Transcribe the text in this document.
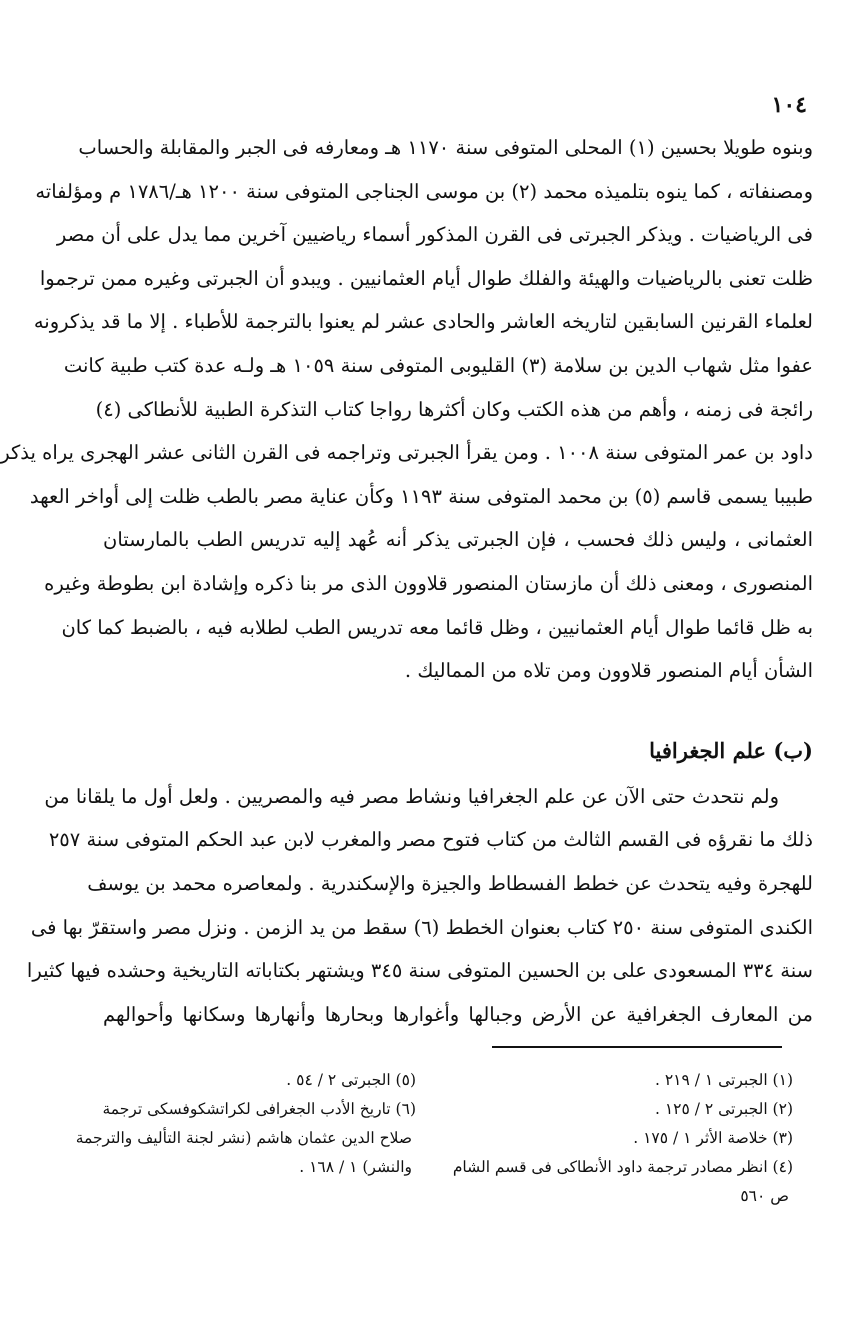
١٠٤
وبنوه طويلا بحسين (١) المحلى المتوفى سنة ١١٧٠ هـ ومعارفه فى الجبر والمقابلة والحساب
ومصنفاته ، كما ينوه بتلميذه محمد (٢) بن موسى الجناجى المتوفى سنة ١٢٠٠ هـ/١٧٨٦ م ومؤلفاته
فى الرياضيات . ويذكر الجبرتى فى القرن المذكور أسماء رياضيين آخرين مما يدل على أن مصر
ظلت تعنى بالرياضيات والهيئة والفلك طوال أيام العثمانيين . ويبدو أن الجبرتى وغيره ممن ترجموا
لعلماء القرنين السابقين لتاريخه العاشر والحادى عشر لم يعنوا بالترجمة للأطباء . إلا ما قد يذكرونه
عفوا مثل شهاب الدين بن سلامة (٣) القليوبى المتوفى سنة ١٠٥٩ هـ ولـه عدة كتب طبية كانت
رائجة فى زمنه ، وأهم من هذه الكتب وكان أكثرها رواجا كتاب التذكرة الطبية للأنطاكى (٤)
داود بن عمر المتوفى سنة ١٠٠٨ . ومن يقرأ الجبرتى وتراجمه فى القرن الثانى عشر الهجرى يراه يذكر
طبيبا يسمى قاسم (٥) بن محمد المتوفى سنة ١١٩٣ وكأن عناية مصر بالطب ظلت إلى أواخر العهد
العثمانى ، وليس ذلك فحسب ، فإن الجبرتى يذكر أنه عُهد إليه تدريس الطب بالمارستان
المنصورى ، ومعنى ذلك أن مازستان المنصور قلاوون الذى مر بنا ذكره وإشادة ابن بطوطة وغيره
به ظل قائما طوال أيام العثمانيين ، وظل قائما معه تدريس الطب لطلابه فيه ، بالضبط كما كان
الشأن أيام المنصور قلاوون ومن تلاه من المماليك .
(ب) علم الجغرافيا
ولم نتحدث حتى الآن عن علم الجغرافيا ونشاط مصر فيه والمصريين . ولعل أول ما يلقانا من
ذلك ما نقرؤه فى القسم الثالث من كتاب فتوح مصر والمغرب لابن عبد الحكم المتوفى سنة ٢٥٧
للهجرة وفيه يتحدث عن خطط الفسطاط والجيزة والإسكندرية . ولمعاصره محمد بن يوسف
الكندى المتوفى سنة ٢٥٠ كتاب بعنوان الخطط (٦) سقط من يد الزمن . ونزل مصر واستقرّ بها فى
سنة ٣٣٤ المسعودى على بن الحسين المتوفى سنة ٣٤٥ ويشتهر بكتاباته التاريخية وحشده فيها كثيرا
من المعارف الجغرافية عن الأرض وجبالها وأغوارها وبحارها وأنهارها وسكانها وأحوالهم
(١) الجبرتى ١ / ٢١٩ .
(٢) الجبرتى ٢ / ١٢٥ .
(٣) خلاصة الأثر ١ / ١٧٥ .
(٤) انظر مصادر ترجمة داود الأنطاكى فى قسم الشام
ص ٥٦٠
(٥) الجبرتى ٢ / ٥٤ .
(٦) تاريخ الأدب الجغرافى لكراتشكوفسكى ترجمة
صلاح الدين عثمان هاشم (نشر لجنة التأليف والترجمة
والنشر) ١ / ١٦٨ .
